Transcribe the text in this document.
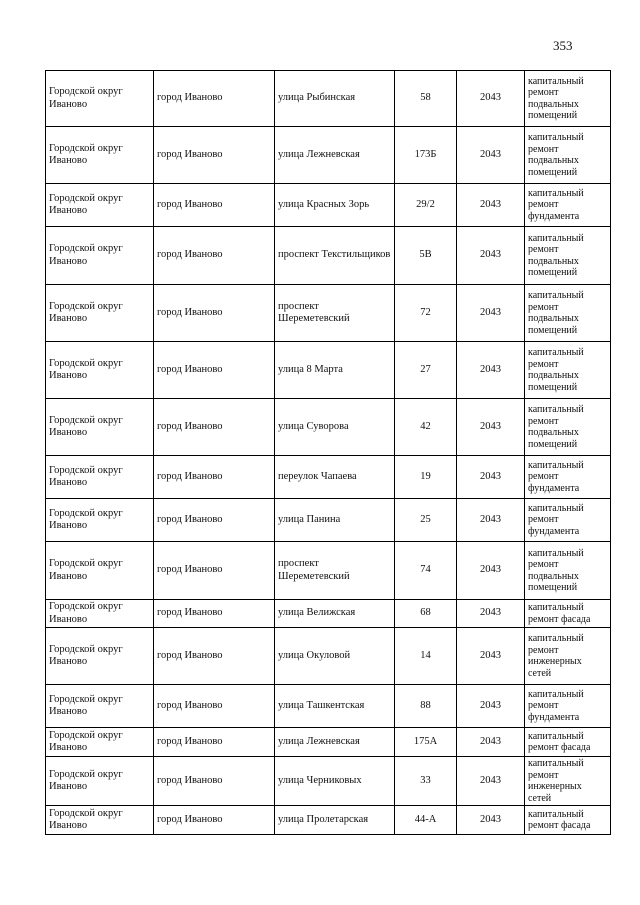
353
Городской округ Иваново	город Иваново	улица Рыбинская	58	2043	капитальный ремонт подвальных помещений
Городской округ Иваново	город Иваново	улица Лежневская	173Б	2043	капитальный ремонт подвальных помещений
Городской округ Иваново	город Иваново	улица Красных Зорь	29/2	2043	капитальный ремонт фундамента
Городской округ Иваново	город Иваново	проспект Текстильщиков	5В	2043	капитальный ремонт подвальных помещений
Городской округ Иваново	город Иваново	проспект Шереметевский	72	2043	капитальный ремонт подвальных помещений
Городской округ Иваново	город Иваново	улица 8 Марта	27	2043	капитальный ремонт подвальных помещений
Городской округ Иваново	город Иваново	улица Суворова	42	2043	капитальный ремонт подвальных помещений
Городской округ Иваново	город Иваново	переулок Чапаева	19	2043	капитальный ремонт фундамента
Городской округ Иваново	город Иваново	улица Панина	25	2043	капитальный ремонт фундамента
Городской округ Иваново	город Иваново	проспект Шереметевский	74	2043	капитальный ремонт подвальных помещений
Городской округ Иваново	город Иваново	улица Велижская	68	2043	капитальный ремонт фасада
Городской округ Иваново	город Иваново	улица Окуловой	14	2043	капитальный ремонт инженерных сетей
Городской округ Иваново	город Иваново	улица Ташкентская	88	2043	капитальный ремонт фундамента
Городской округ Иваново	город Иваново	улица Лежневская	175А	2043	капитальный ремонт фасада
Городской округ Иваново	город Иваново	улица Черниковых	33	2043	капитальный ремонт инженерных сетей
Городской округ Иваново	город Иваново	улица Пролетарская	44-А	2043	капитальный ремонт фасада
